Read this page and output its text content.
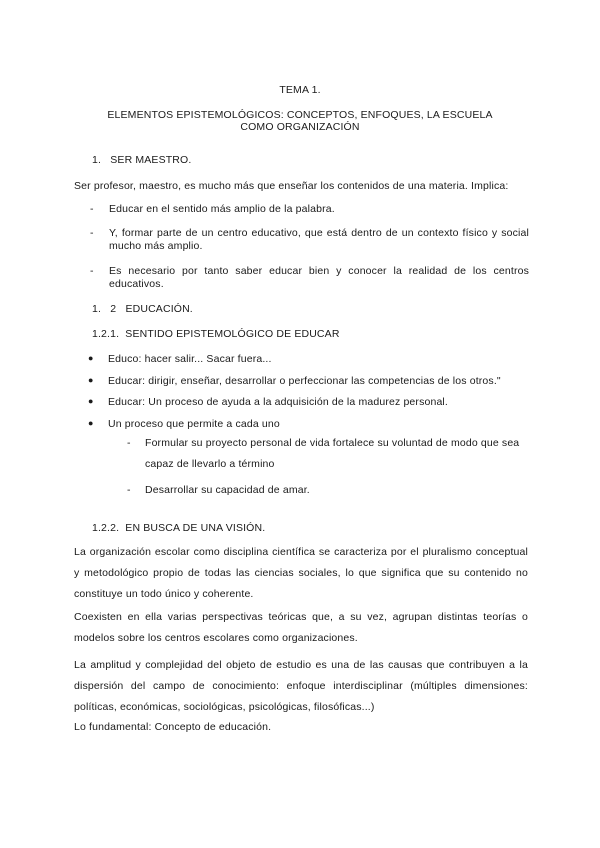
TEMA 1.
ELEMENTOS EPISTEMOLÓGICOS: CONCEPTOS, ENFOQUES, LA ESCUELA COMO ORGANIZACIÓN
1.   SER MAESTRO.
Ser profesor, maestro, es mucho más que enseñar los contenidos de una materia. Implica:
- Educar en el sentido más amplio de la palabra.
- Y, formar parte de un centro educativo, que está dentro de un contexto físico y social mucho más amplio.
- Es necesario por tanto saber educar bien y conocer la realidad de los centros educativos.
1.   2   EDUCACIÓN.
1.2.1.  SENTIDO EPISTEMOLÓGICO DE EDUCAR
● Educo: hacer salir... Sacar fuera...
● Educar: dirigir, enseñar, desarrollar o perfeccionar las competencias de los otros."
● Educar: Un proceso de ayuda a la adquisición de la madurez personal.
● Un proceso que permite a cada uno
- Formular su proyecto personal de vida fortalece su voluntad de modo que sea capaz de llevarlo a término
- Desarrollar su capacidad de amar.
1.2.2.  EN BUSCA DE UNA VISIÓN.
La organización escolar como disciplina científica se caracteriza por el pluralismo conceptual y metodológico propio de todas las ciencias sociales, lo que significa que su contenido no constituye un todo único y coherente.
Coexisten en ella varias perspectivas teóricas que, a su vez, agrupan distintas teorías o modelos sobre los centros escolares como organizaciones.
La amplitud y complejidad del objeto de estudio es una de las causas que contribuyen a la dispersión del campo de conocimiento: enfoque interdisciplinar (múltiples dimensiones: políticas, económicas, sociológicas, psicológicas, filosóficas...)
Lo fundamental: Concepto de educación.
